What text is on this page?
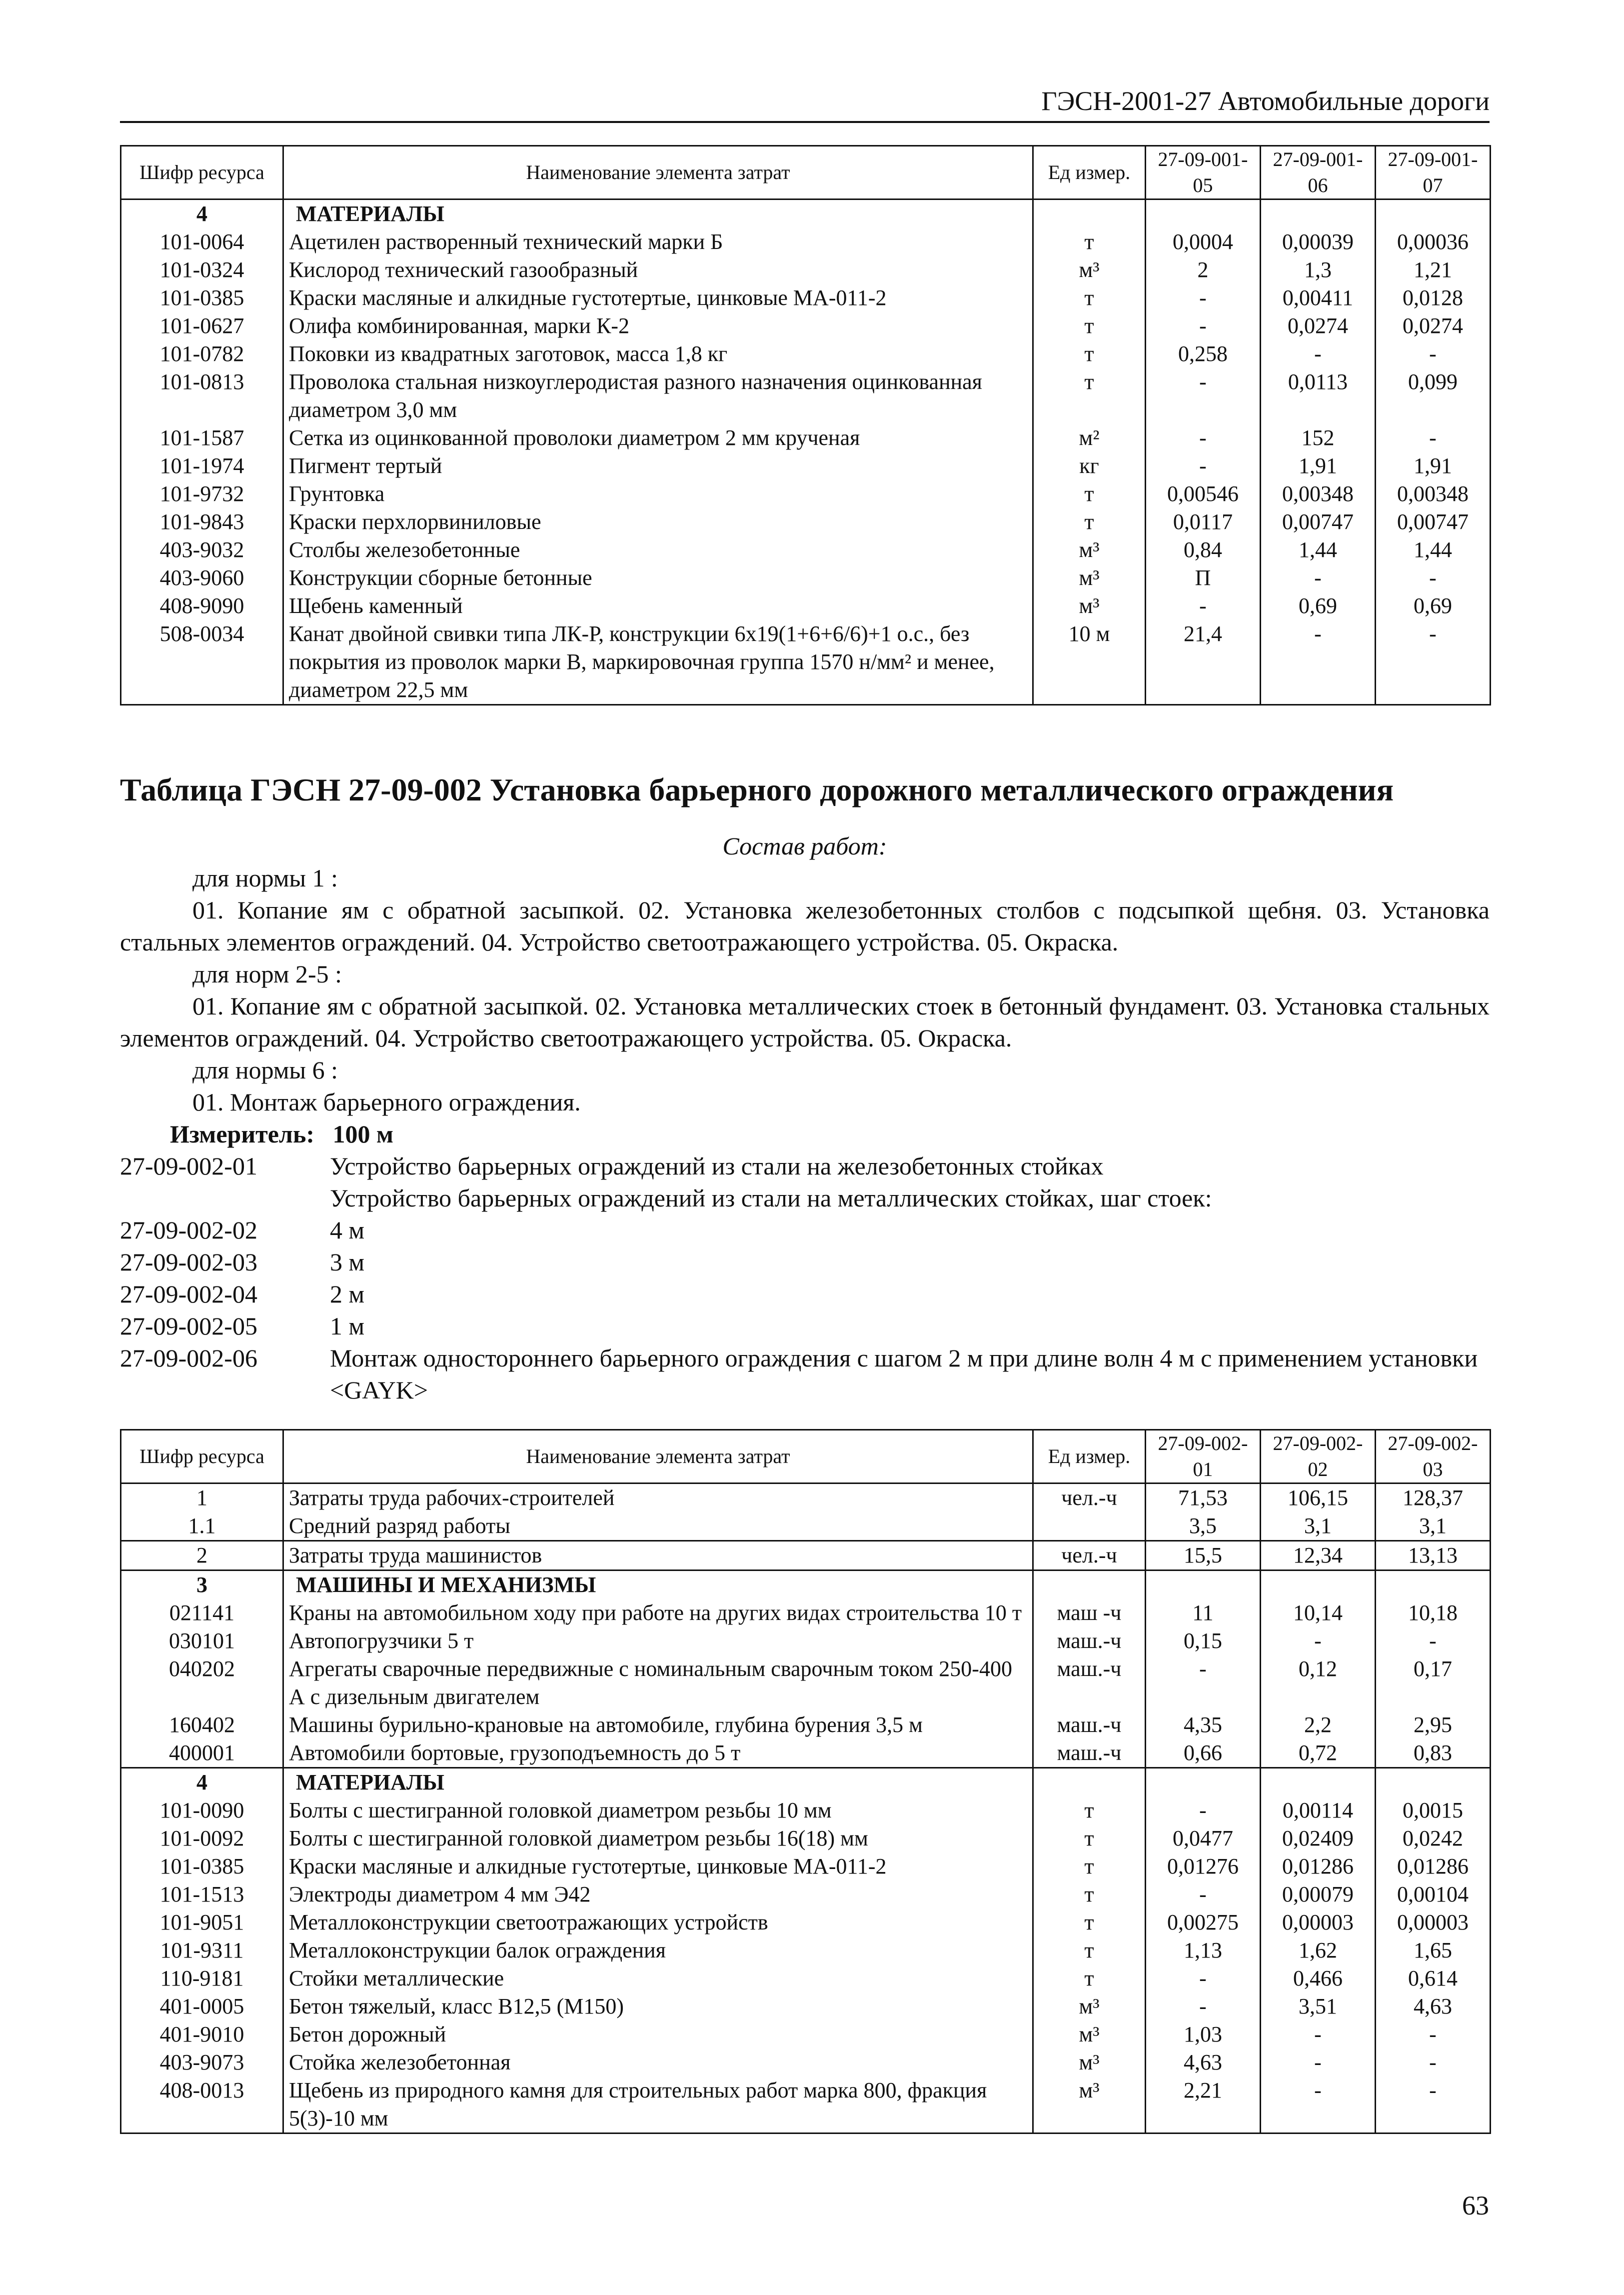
ГЭСН-2001-27 Автомобильные дороги
Шифр ресурса	Наименование элемента затрат	Ед измер.	27-09-001-05	27-09-001-06	27-09-001-07
4	МАТЕРИАЛЫ				
101-0064	Ацетилен растворенный технический марки Б	т	0,0004	0,00039	0,00036
101-0324	Кислород технический газообразный	м³	2	1,3	1,21
101-0385	Краски масляные и алкидные густотертые, цинковые МА-011-2	т	-	0,00411	0,0128
101-0627	Олифа комбинированная, марки К-2	т	-	0,0274	0,0274
101-0782	Поковки из квадратных заготовок, масса 1,8 кг	т	0,258	-	-
101-0813	Проволока стальная низкоуглеродистая разного назначения оцинкованная диаметром 3,0 мм	т	-	0,0113	0,099
101-1587	Сетка из оцинкованной проволоки диаметром 2 мм крученая	м²	-	152	-
101-1974	Пигмент тертый	кг	-	1,91	1,91
101-9732	Грунтовка	т	0,00546	0,00348	0,00348
101-9843	Краски перхлорвиниловые	т	0,0117	0,00747	0,00747
403-9032	Столбы железобетонные	м³	0,84	1,44	1,44
403-9060	Конструкции сборные бетонные	м³	П	-	-
408-9090	Щебень каменный	м³	-	0,69	0,69
508-0034	Канат двойной свивки типа ЛК-Р, конструкции 6х19(1+6+6/6)+1 о.с., без покрытия из проволок марки В, маркировочная группа 1570 н/мм² и менее, диаметром 22,5 мм	10 м	21,4	-	-
Таблица ГЭСН 27-09-002 Установка барьерного дорожного металлического ограждения
Состав работ:
для нормы 1 :
01. Копание ям с обратной засыпкой. 02. Установка железобетонных столбов с подсыпкой щебня. 03. Установка стальных элементов ограждений. 04. Устройство светоотражающего устройства. 05. Окраска.
для норм 2-5 :
01. Копание ям с обратной засыпкой. 02. Установка металлических стоек в бетонный фундамент. 03. Установка стальных элементов ограждений. 04. Устройство светоотражающего устройства. 05. Окраска.
для нормы 6 :
01. Монтаж барьерного ограждения.
Измеритель: 100 м
27-09-002-01	Устройство барьерных ограждений из стали на железобетонных стойках
Устройство барьерных ограждений из стали на металлических стойках, шаг стоек:
27-09-002-02	4 м
27-09-002-03	3 м
27-09-002-04	2 м
27-09-002-05	1 м
27-09-002-06	Монтаж одностороннего барьерного ограждения с шагом 2 м при длине волн 4 м с применением установки <GAYK>
Шифр ресурса	Наименование элемента затрат	Ед измер.	27-09-002-01	27-09-002-02	27-09-002-03
1	Затраты труда рабочих-строителей	чел.-ч	71,53	106,15	128,37
1.1	Средний разряд работы		3,5	3,1	3,1
2	Затраты труда машинистов	чел.-ч	15,5	12,34	13,13
3	МАШИНЫ И МЕХАНИЗМЫ				
021141	Краны на автомобильном ходу при работе на других видах строительства 10 т	маш -ч	11	10,14	10,18
030101	Автопогрузчики 5 т	маш.-ч	0,15	-	-
040202	Агрегаты сварочные передвижные с номинальным сварочным током 250-400 А с дизельным двигателем	маш.-ч	-	0,12	0,17
160402	Машины бурильно-крановые на автомобиле, глубина бурения 3,5 м	маш.-ч	4,35	2,2	2,95
400001	Автомобили бортовые, грузоподъемность до 5 т	маш.-ч	0,66	0,72	0,83
4	МАТЕРИАЛЫ				
101-0090	Болты с шестигранной головкой диаметром резьбы 10 мм	т	-	0,00114	0,0015
101-0092	Болты с шестигранной головкой диаметром резьбы 16(18) мм	т	0,0477	0,02409	0,0242
101-0385	Краски масляные и алкидные густотертые, цинковые МА-011-2	т	0,01276	0,01286	0,01286
101-1513	Электроды диаметром 4 мм Э42	т	-	0,00079	0,00104
101-9051	Металлоконструкции светоотражающих устройств	т	0,00275	0,00003	0,00003
101-9311	Металлоконструкции балок ограждения	т	1,13	1,62	1,65
110-9181	Стойки металлические	т	-	0,466	0,614
401-0005	Бетон тяжелый, класс В12,5 (М150)	м³	-	3,51	4,63
401-9010	Бетон дорожный	м³	1,03	-	-
403-9073	Стойка железобетонная	м³	4,63	-	-
408-0013	Щебень из природного камня для строительных работ марка 800, фракция 5(3)-10 мм	м³	2,21	-	-
63
